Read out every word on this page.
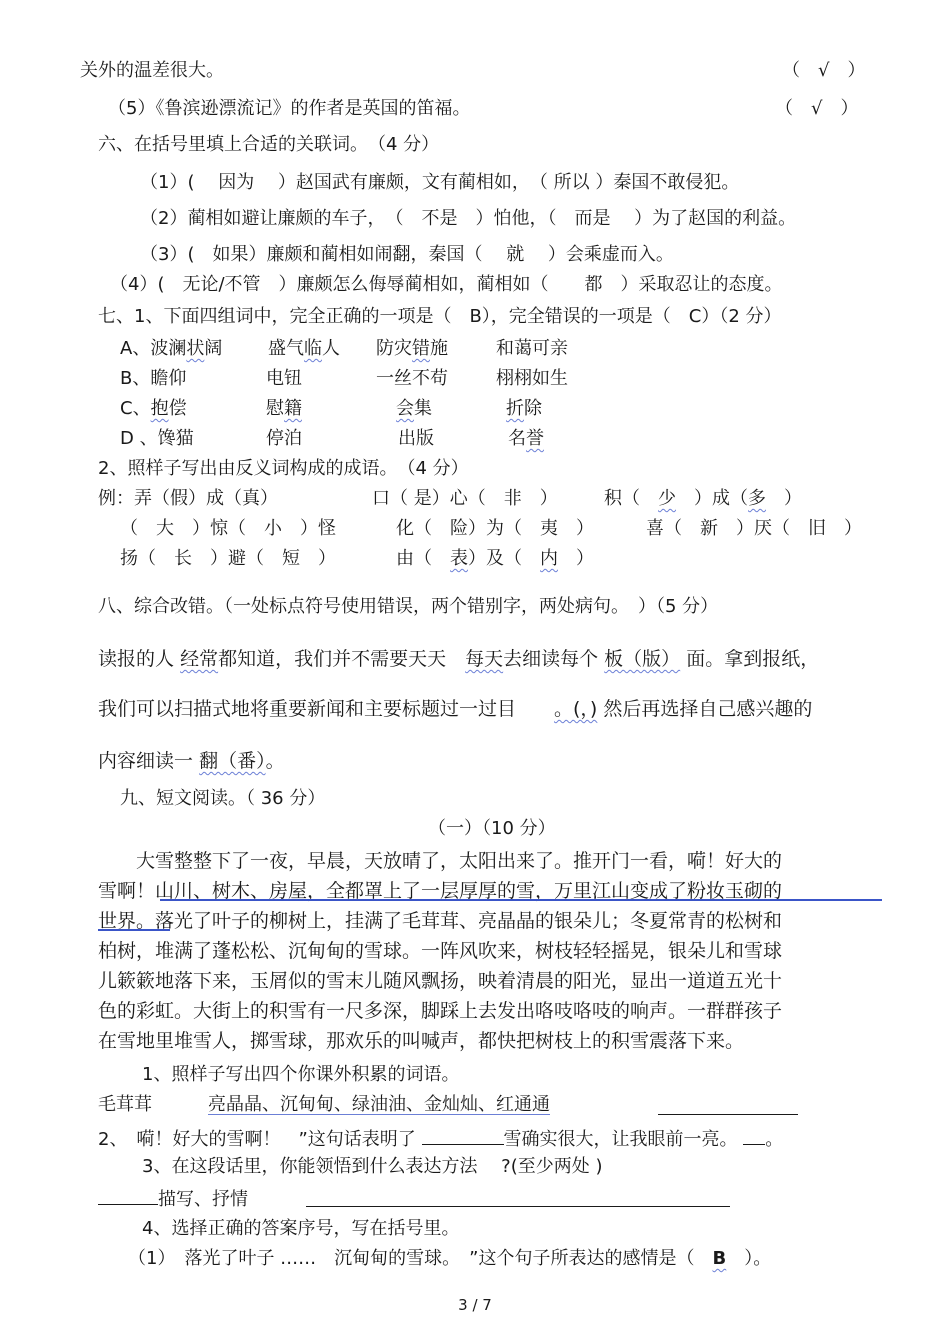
关外的温差很大。	（　√　）
（5）《鲁滨逊漂流记》的作者是英国的笛福。	（　√　）
六、在括号里填上合适的关联词。　（4 分）
（1）(　 因为　 ）赵国武有廉颇，文有蔺相如，　（ 所以 ）秦国不敢侵犯。
（2）蔺相如避让廉颇的车子，　（　不是　）怕他，（　而是　 ）为了赵国的利益。
（3）(　如果）廉颇和蔺相如闹翻，秦国（　 就　 ）会乘虚而入。
（4）(　无论/不管　）廉颇怎么侮辱蔺相如，蔺相如（　　都　）采取忍让的态度。
七、1、下面四组词中，完全正确的一项是（　B），完全错误的一项是（　C）（2 分）
A、波澜状阔	盛气临人 防灾错施	和蔼可亲
B、瞻仰	电钮	一丝不苟	栩栩如生
C、抱偿	慰籍	会集	折除
D 、馋猫	停泊	出版	名誉
2、照样子写出由反义词构成的成语。　（4 分）
例：弄（假）成（真）	口（ 是）心（　非　）	积（　 少　 ）成（多　 ）
（　大　）惊（　小　）怪	化（　险）为（　夷　）	喜（　新　）厌（　旧　）
扬（　长　）避（　短　）	由（　 表）及（　 内　 ）
八、综合改错。（一处标点符号使用错误，两个错别字，两处病句。　）（5 分）
读报的人 经常都知道，我们并不需要天天　每天去细读每个 板（版） 面。拿到报纸，
我们可以扫描式地将重要新闻和主要标题过一过目　　。(，) 然后再选择自己感兴趣的
内容细读一 翻（番）。
九、短文阅读。（ 36 分）
（一）（10 分）
　　大雪整整下了一夜，早晨，天放晴了，太阳出来了。推开门一看，嗬！好大的
雪啊！山川、树木、房屋，全都罩上了一层厚厚的雪，万里江山变成了粉妆玉砌的
世界。落光了叶子的柳树上，挂满了毛茸茸、亮晶晶的银朵儿；冬夏常青的松树和
柏树，堆满了蓬松松、沉甸甸的雪球。一阵风吹来，树枝轻轻摇晃，银朵儿和雪球
儿簌簌地落下来，玉屑似的雪末儿随风飘扬，映着清晨的阳光，显出一道道五光十
色的彩虹。大街上的积雪有一尺多深，脚踩上去发出咯吱咯吱的响声。一群群孩子
在雪地里堆雪人，掷雪球，那欢乐的叫喊声，都快把树枝上的积雪震落下来。
1、照样子写出四个你课外积累的词语。
毛茸茸	亮晶晶、沉甸甸、绿油油、金灿灿、红通通
2、　嗬！好大的雪啊！　”这句话表明了	雪确实很大，让我眼前一亮。 。
3、在这段话里，你能领悟到什么表达方法　 ?(至少两处 )
描写、抒情
4、选择正确的答案序号，写在括号里。
（1）　落光了叶子 ……　沉甸甸的雪球。　”这个句子所表达的感情是（　 B　 ）。
3 / 7
